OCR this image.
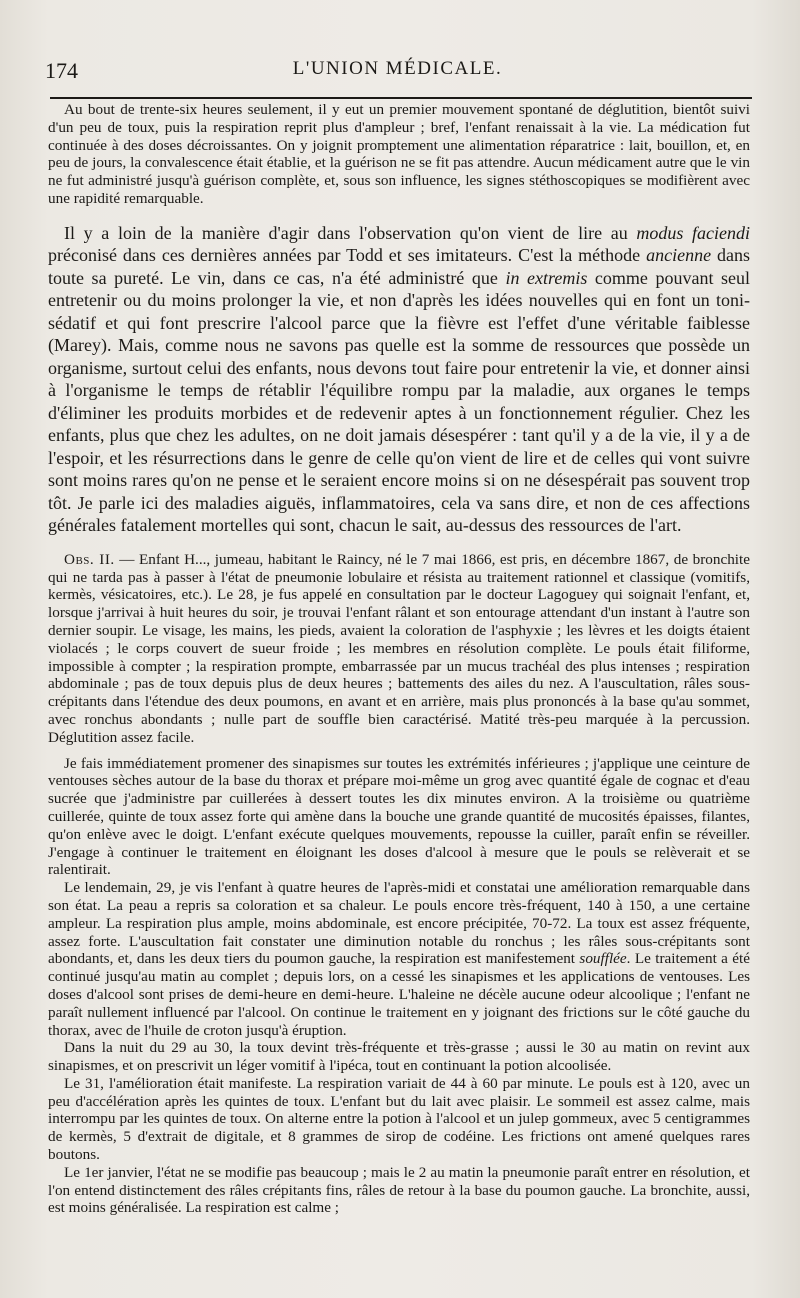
174	L'UNION MÉDICALE.

Au bout de trente-six heures seulement, il y eut un premier mouvement spontané de déglutition, bientôt suivi d'un peu de toux, puis la respiration reprit plus d'ampleur ; bref, l'enfant renaissait à la vie. La médication fut continuée à des doses décroissantes. On y joignit promptement une alimentation réparatrice : lait, bouillon, et, en peu de jours, la convalescence était établie, et la guérison ne se fit pas attendre. Aucun médicament autre que le vin ne fut administré jusqu'à guérison complète, et, sous son influence, les signes stéthoscopiques se modifièrent avec une rapidité remarquable.

Il y a loin de la manière d'agir dans l'observation qu'on vient de lire au modus faciendi préconisé dans ces dernières années par Todd et ses imitateurs. C'est la méthode ancienne dans toute sa pureté. Le vin, dans ce cas, n'a été administré que in extremis comme pouvant seul entretenir ou du moins prolonger la vie, et non d'après les idées nouvelles qui en font un toni-sédatif et qui font prescrire l'alcool parce que la fièvre est l'effet d'une véritable faiblesse (Marey). Mais, comme nous ne savons pas quelle est la somme de ressources que possède un organisme, surtout celui des enfants, nous devons tout faire pour entretenir la vie, et donner ainsi à l'organisme le temps de rétablir l'équilibre rompu par la maladie, aux organes le temps d'éliminer les produits morbides et de redevenir aptes à un fonctionnement régulier. Chez les enfants, plus que chez les adultes, on ne doit jamais désespérer : tant qu'il y a de la vie, il y a de l'espoir, et les résurrections dans le genre de celle qu'on vient de lire et de celles qui vont suivre sont moins rares qu'on ne pense et le seraient encore moins si on ne désespérait pas souvent trop tôt. Je parle ici des maladies aiguës, inflammatoires, cela va sans dire, et non de ces affections générales fatalement mortelles qui sont, chacun le sait, au-dessus des ressources de l'art.

Obs. II. — Enfant H..., jumeau, habitant le Raincy, né le 7 mai 1866, est pris, en décembre 1867, de bronchite qui ne tarda pas à passer à l'état de pneumonie lobulaire et résista au traitement rationnel et classique (vomitifs, kermès, vésicatoires, etc.). Le 28, je fus appelé en consultation par le docteur Lagoguey qui soignait l'enfant, et, lorsque j'arrivai à huit heures du soir, je trouvai l'enfant râlant et son entourage attendant d'un instant à l'autre son dernier soupir. Le visage, les mains, les pieds, avaient la coloration de l'asphyxie ; les lèvres et les doigts étaient violacés ; le corps couvert de sueur froide ; les membres en résolution complète. Le pouls était filiforme, impossible à compter ; la respiration prompte, embarrassée par un mucus trachéal des plus intenses ; respiration abdominale ; pas de toux depuis plus de deux heures ; battements des ailes du nez. A l'auscultation, râles sous-crépitants dans l'étendue des deux poumons, en avant et en arrière, mais plus prononcés à la base qu'au sommet, avec ronchus abondants ; nulle part de souffle bien caractérisé. Matité très-peu marquée à la percussion. Déglutition assez facile.

Je fais immédiatement promener des sinapismes sur toutes les extrémités inférieures ; j'applique une ceinture de ventouses sèches autour de la base du thorax et prépare moi-même un grog avec quantité égale de cognac et d'eau sucrée que j'administre par cuillerées à dessert toutes les dix minutes environ. A la troisième ou quatrième cuillerée, quinte de toux assez forte qui amène dans la bouche une grande quantité de mucosités épaisses, filantes, qu'on enlève avec le doigt. L'enfant exécute quelques mouvements, repousse la cuiller, paraît enfin se réveiller. J'engage à continuer le traitement en éloignant les doses d'alcool à mesure que le pouls se relèverait et se ralentirait.

Le lendemain, 29, je vis l'enfant à quatre heures de l'après-midi et constatai une amélioration remarquable dans son état. La peau a repris sa coloration et sa chaleur. Le pouls encore très-fréquent, 140 à 150, a une certaine ampleur. La respiration plus ample, moins abdominale, est encore précipitée, 70-72. La toux est assez fréquente, assez forte. L'auscultation fait constater une diminution notable du ronchus ; les râles sous-crépitants sont abondants, et, dans les deux tiers du poumon gauche, la respiration est manifestement soufflée. Le traitement a été continué jusqu'au matin au complet ; depuis lors, on a cessé les sinapismes et les applications de ventouses. Les doses d'alcool sont prises de demi-heure en demi-heure. L'haleine ne décèle aucune odeur alcoolique ; l'enfant ne paraît nullement influencé par l'alcool. On continue le traitement en y joignant des frictions sur le côté gauche du thorax, avec de l'huile de croton jusqu'à éruption.

Dans la nuit du 29 au 30, la toux devint très-fréquente et très-grasse ; aussi le 30 au matin on revint aux sinapismes, et on prescrivit un léger vomitif à l'ipéca, tout en continuant la potion alcoolisée.

Le 31, l'amélioration était manifeste. La respiration variait de 44 à 60 par minute. Le pouls est à 120, avec un peu d'accélération après les quintes de toux. L'enfant but du lait avec plaisir. Le sommeil est assez calme, mais interrompu par les quintes de toux. On alterne entre la potion à l'alcool et un julep gommeux, avec 5 centigrammes de kermès, 5 d'extrait de digitale, et 8 grammes de sirop de codéine. Les frictions ont amené quelques rares boutons.

Le 1er janvier, l'état ne se modifie pas beaucoup ; mais le 2 au matin la pneumonie paraît entrer en résolution, et l'on entend distinctement des râles crépitants fins, râles de retour à la base du poumon gauche. La bronchite, aussi, est moins généralisée. La respiration est calme ;
